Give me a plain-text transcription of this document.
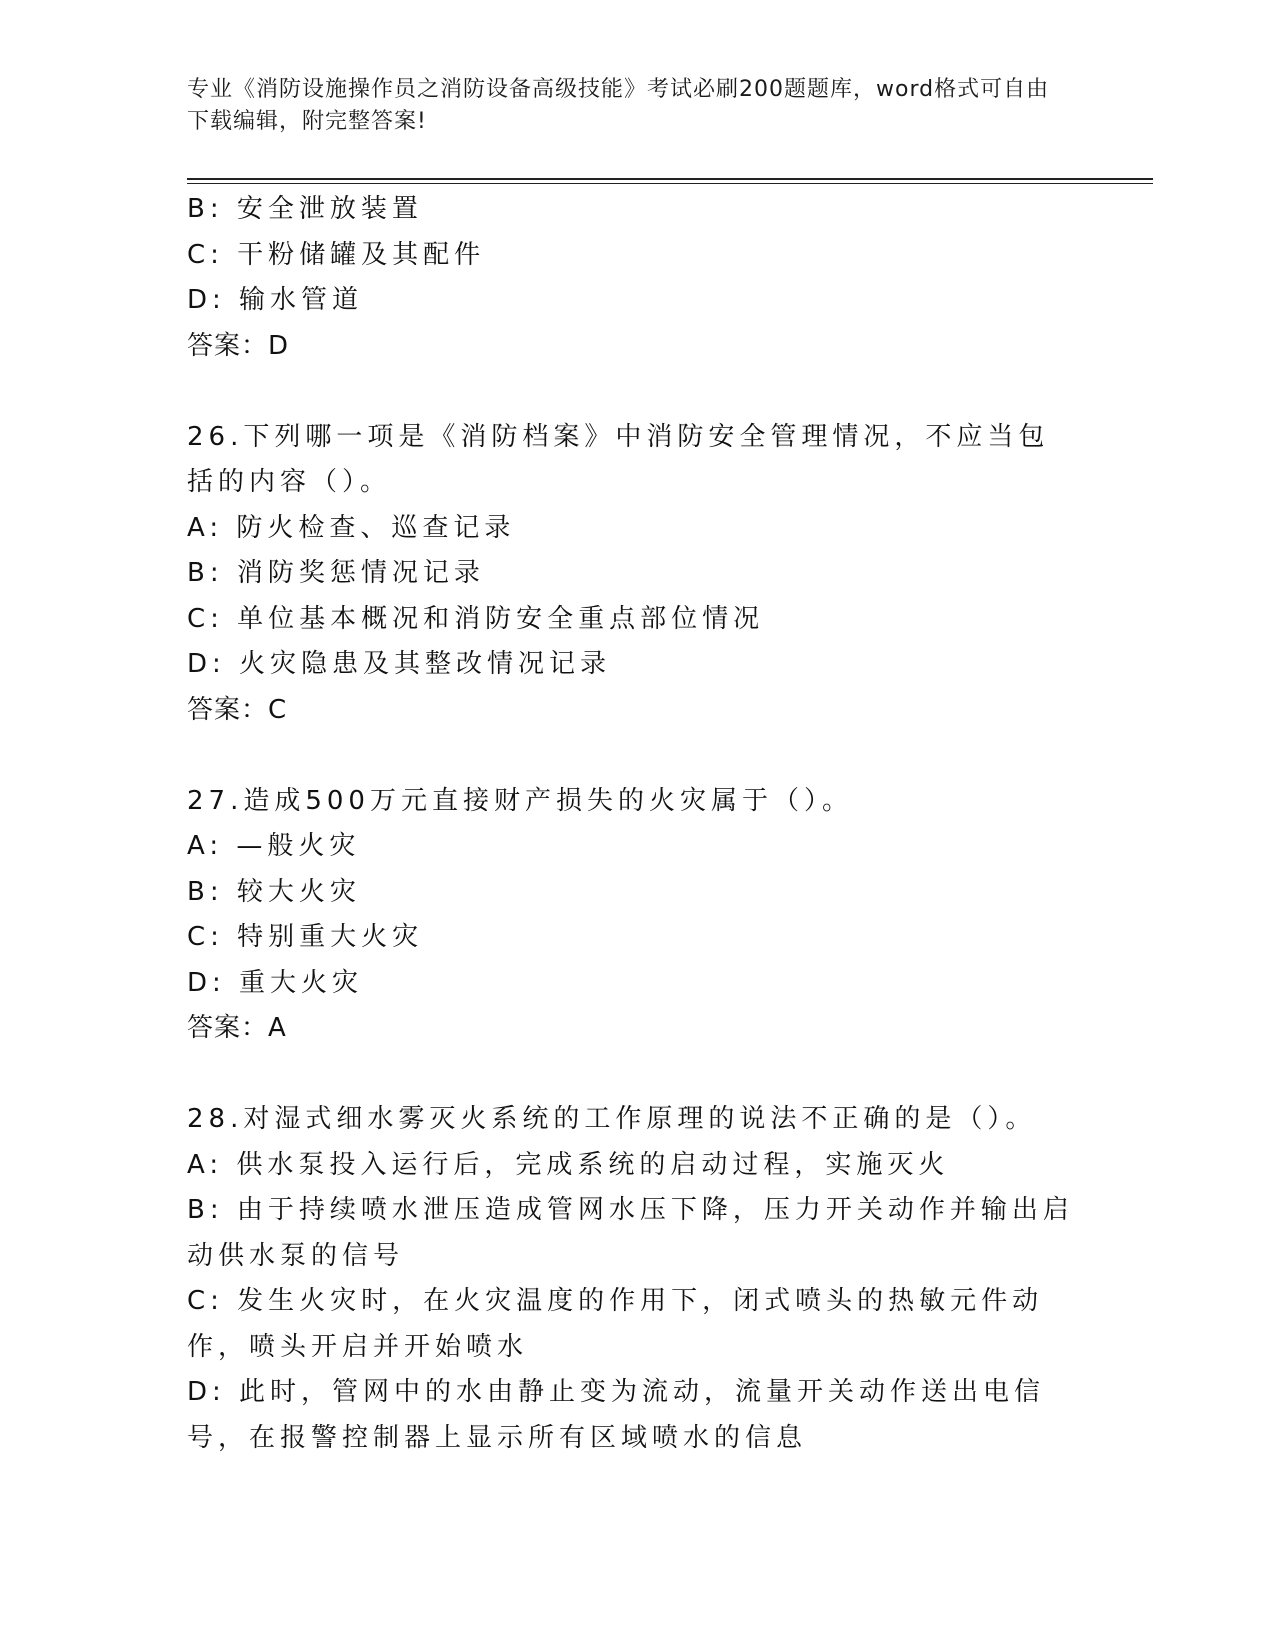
专业《消防设施操作员之消防设备高级技能》考试必刷200题题库，word格式可自由下载编辑，附完整答案!
B: 安全泄放装置
C: 干粉储罐及其配件
D: 输水管道
答案：D
26.下列哪一项是《消防档案》中消防安全管理情况，不应当包括的内容（）。
A: 防火检查、巡查记录
B: 消防奖惩情况记录
C: 单位基本概况和消防安全重点部位情况
D: 火灾隐患及其整改情况记录
答案：C
27.造成500万元直接财产损失的火灾属于（）。
A: —般火灾
B: 较大火灾
C: 特别重大火灾
D: 重大火灾
答案：A
28.对湿式细水雾灭火系统的工作原理的说法不正确的是（）。
A: 供水泵投入运行后，完成系统的启动过程，实施灭火
B: 由于持续喷水泄压造成管网水压下降，压力开关动作并输出启动供水泵的信号
C: 发生火灾时，在火灾温度的作用下，闭式喷头的热敏元件动作，喷头开启并开始喷水
D: 此时，管网中的水由静止变为流动，流量开关动作送出电信号，在报警控制器上显示所有区域喷水的信息
